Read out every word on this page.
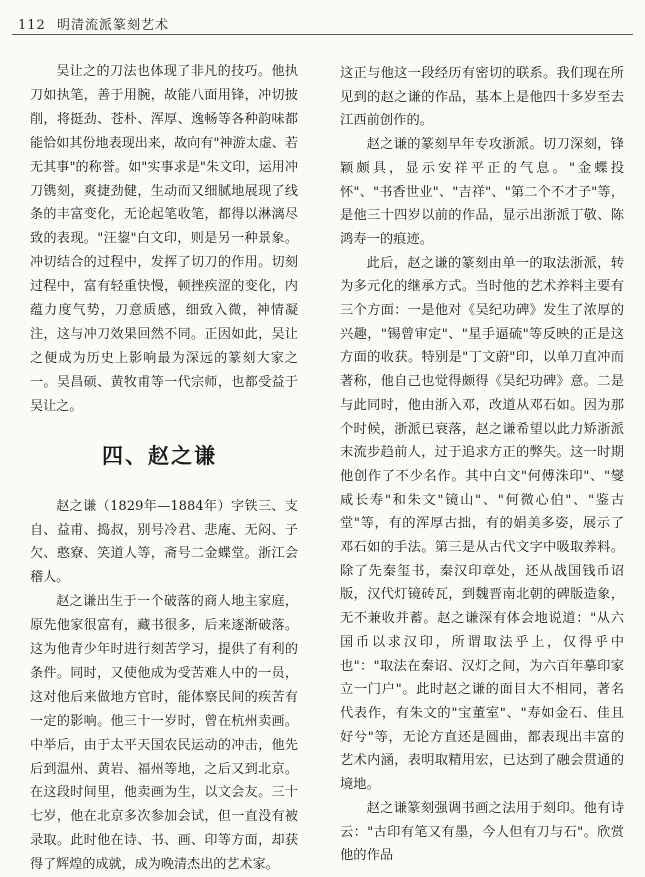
112 明清流派篆刻艺术

吴让之的刀法也体现了非凡的技巧。他执刀如执笔，善于用腕，故能八面用锋，冲切披削，将挺劲、苍朴、浑厚、逸畅等各种韵味都能恰如其份地表现出来，故向有"神游太虚、若无其事"的称誉。如"实事求是"朱文印，运用冲刀镌刻，爽捷劲健，生动而又细腻地展现了线条的丰富变化，无论起笔收笔，都得以淋漓尽致的表现。"汪鋆"白文印，则是另一种景象。冲切结合的过程中，发挥了切刀的作用。切刻过程中，富有轻重快慢，顿挫疾涩的变化，内蕴力度气势，刀意质感，细致入微，神情凝注，这与冲刀效果回然不同。正因如此，吴让之便成为历史上影响最为深远的篆刻大家之一。吴昌硕、黄牧甫等一代宗师，也都受益于吴让之。

四、赵之谦

赵之谦（1829年—1884年）字铁三、支自、益甫、捣叔，别号冷君、悲庵、无闷、子欠、憨寮、笑道人等，斋号二金蝶堂。浙江会稽人。

赵之谦出生于一个破落的商人地主家庭，原先他家很富有，藏书很多，后来逐渐破落。这为他青少年时进行刻苦学习，提供了有利的条件。同时，又使他成为受苦难人中的一员，这对他后来做地方官时，能体察民间的疾苦有一定的影响。他三十一岁时，曾在杭州卖画。中举后，由于太平天国农民运动的冲击，他先后到温州、黄岩、福州等地，之后又到北京。在这段时间里，他卖画为生，以文会友。三十七岁，他在北京多次参加会试，但一直没有被录取。此时他在诗、书、画、印等方面，却获得了辉煌的成就，成为晚清杰出的艺术家。

这正与他这一段经历有密切的联系。我们现在所见到的赵之谦的作品，基本上是他四十多岁至去江西前创作的。

赵之谦的篆刻早年专攻浙派。切刀深刻，锋颖颇具，显示安祥平正的气息。"金蝶投怀"、"书香世业"、"吉祥"、"第二个不才子"等，是他三十四岁以前的作品，显示出浙派丁敬、陈鸿寿一的痕迹。

此后，赵之谦的篆刻由单一的取法浙派，转为多元化的继承方式。当时他的艺术养料主要有三个方面：一是他对《吴纪功碑》发生了浓厚的兴趣，"锡曾审定"、"星手逼硫"等反映的正是这方面的收获。特别是"丁文蔚"印，以单刀直冲而著称，他自己也觉得颇得《吴纪功碑》意。二是与此同时，他由浙入邓，改道从邓石如。因为那个时候，浙派已衰落，赵之谦希望以此力矫浙派末流步趋前人，过于追求方正的弊失。这一时期他创作了不少名作。其中白文"何傅洙印"、"燮咸长寿"和朱文"镜山"、"何微心伯"、"鉴古堂"等，有的浑厚古拙，有的娟美多姿，展示了邓石如的手法。第三是从古代文字中吸取养料。除了先秦玺书，秦汉印章处，还从战国钱币诏版，汉代灯镜砖瓦，到魏晋南北朝的碑版造象，无不兼收并蓄。赵之谦深有体会地说道："从六国币以求汉印，所谓取法乎上，仅得乎中也"："取法在秦诏、汉灯之间，为六百年摹印家立一门户"。此时赵之谦的面目大不相同，著名代表作，有朱文的"宝董室"、"寿如金石、佳且好兮"等，无论方直还是圆曲，都表现出丰富的艺术内涵，表明取精用宏，已达到了融会贯通的境地。

赵之谦篆刻强调书画之法用于刻印。他有诗云："古印有笔又有墨，今人但有刀与石"。欣赏他的作品
